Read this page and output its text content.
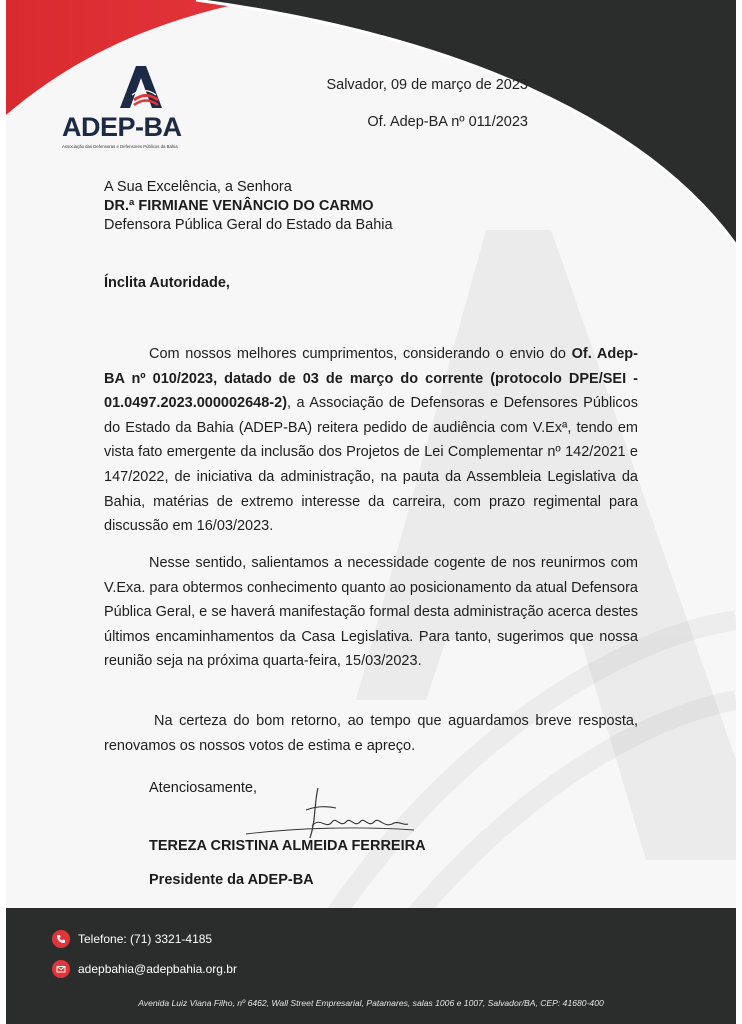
ADEP-BA
Associação das Defensoras e Defensores Públicos da Bahia
Salvador, 09 de março de 2023
Of. Adep-BA nº 011/2023
A Sua Excelência, a Senhora
DR.ª FIRMIANE VENÂNCIO DO CARMO
Defensora Pública Geral do Estado da Bahia
Ínclita Autoridade,
Com nossos melhores cumprimentos, considerando o envio do Of. Adep-BA nº 010/2023, datado de 03 de março do corrente (protocolo DPE/SEI - 01.0497.2023.000002648-2), a Associação de Defensoras e Defensores Públicos do Estado da Bahia (ADEP-BA) reitera pedido de audiência com V.Exª, tendo em vista fato emergente da inclusão dos Projetos de Lei Complementar nº 142/2021 e 147/2022, de iniciativa da administração, na pauta da Assembleia Legislativa da Bahia, matérias de extremo interesse da carreira, com prazo regimental para discussão em 16/03/2023.
Nesse sentido, salientamos a necessidade cogente de nos reunirmos com V.Exa. para obtermos conhecimento quanto ao posicionamento da atual Defensora Pública Geral, e se haverá manifestação formal desta administração acerca destes últimos encaminhamentos da Casa Legislativa. Para tanto, sugerimos que nossa reunião seja na próxima quarta-feira, 15/03/2023.
Na certeza do bom retorno, ao tempo que aguardamos breve resposta, renovamos os nossos votos de estima e apreço.
Atenciosamente,
TEREZA CRISTINA ALMEIDA FERREIRA
Presidente da ADEP-BA
Telefone: (71) 3321-4185
adepbahia@adepbahia.org.br
Avenida Luiz Viana Filho, nº 6462, Wall Street Empresarial, Patamares, salas 1006 e 1007, Salvador/BA, CEP: 41680-400
